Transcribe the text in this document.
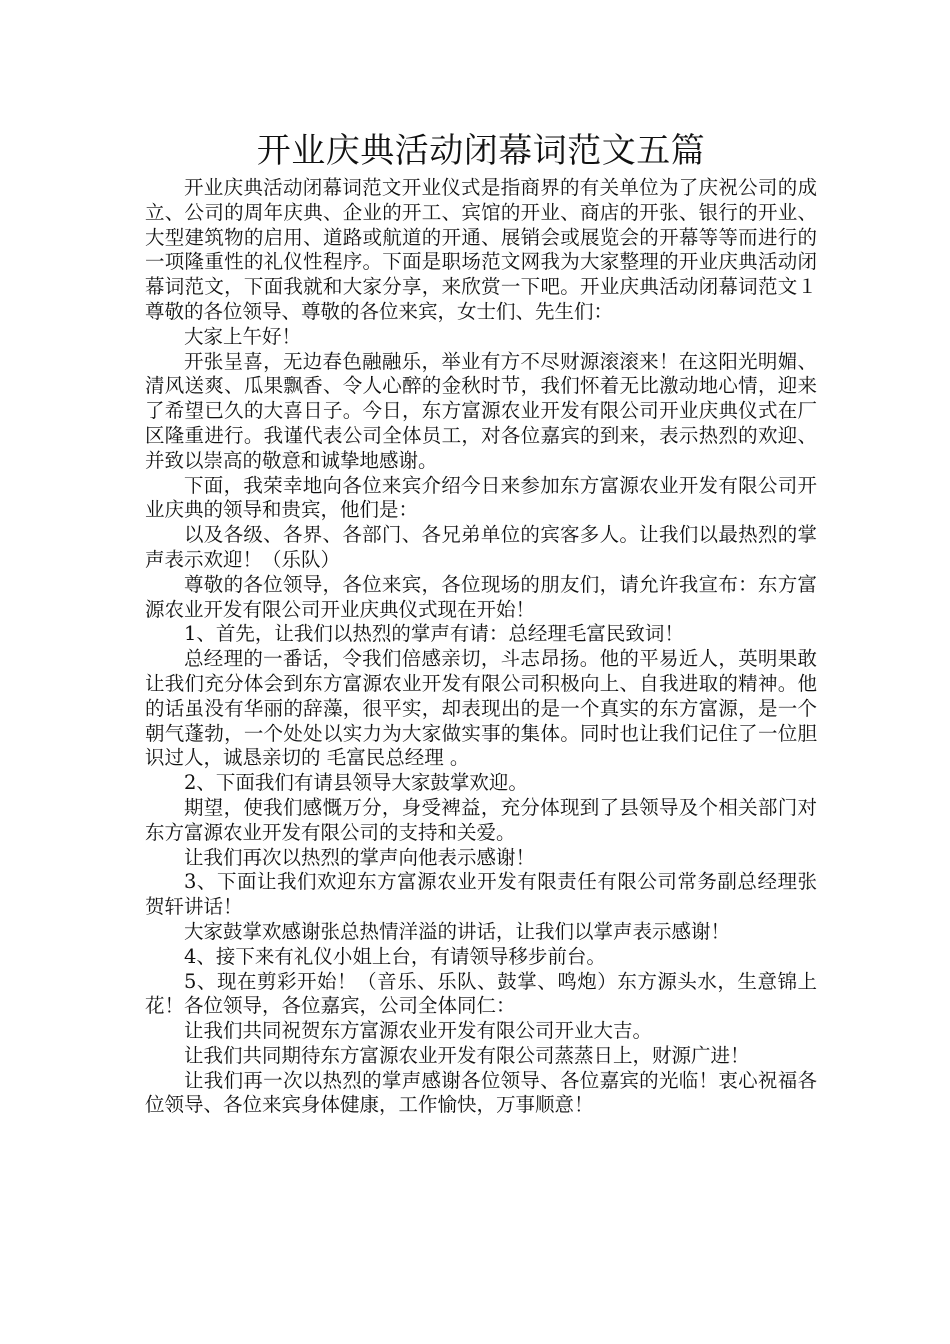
开业庆典活动闭幕词范文五篇

开业庆典活动闭幕词范文开业仪式是指商界的有关单位为了庆祝公司的成立、公司的周年庆典、企业的开工、宾馆的开业、商店的开张、银行的开业、大型建筑物的启用、道路或航道的开通、展销会或展览会的开幕等等而进行的一项隆重性的礼仪性程序。下面是职场范文网我为大家整理的开业庆典活动闭幕词范文，下面我就和大家分享，来欣赏一下吧。开业庆典活动闭幕词范文１尊敬的各位领导、尊敬的各位来宾，女士们、先生们：

大家上午好！

开张呈喜，无边春色融融乐，举业有方不尽财源滚滚来！在这阳光明媚、清风送爽、瓜果飘香、令人心醉的金秋时节，我们怀着无比激动地心情，迎来了希望已久的大喜日子。今日，东方富源农业开发有限公司开业庆典仪式在厂区隆重进行。我谨代表公司全体员工，对各位嘉宾的到来，表示热烈的欢迎、并致以崇高的敬意和诚挚地感谢。

下面，我荣幸地向各位来宾介绍今日来参加东方富源农业开发有限公司开业庆典的领导和贵宾，他们是：

以及各级、各界、各部门、各兄弟单位的宾客多人。让我们以最热烈的掌声表示欢迎！（乐队）

尊敬的各位领导，各位来宾，各位现场的朋友们，请允许我宣布：东方富源农业开发有限公司开业庆典仪式现在开始！

1、首先，让我们以热烈的掌声有请：总经理毛富民致词！

总经理的一番话，令我们倍感亲切，斗志昂扬。他的平易近人，英明果敢让我们充分体会到东方富源农业开发有限公司积极向上、自我进取的精神。他的话虽没有华丽的辞藻，很平实，却表现出的是一个真实的东方富源，是一个朝气蓬勃，一个处处以实力为大家做实事的集体。同时也让我们记住了一位胆识过人，诚恳亲切的 毛富民总经理 。

2、下面我们有请县领导大家鼓掌欢迎。

期望，使我们感慨万分，身受裨益，充分体现到了县领导及个相关部门对东方富源农业开发有限公司的支持和关爱。

让我们再次以热烈的掌声向他表示感谢！

3、下面让我们欢迎东方富源农业开发有限责任有限公司常务副总经理张贺轩讲话！

大家鼓掌欢感谢张总热情洋溢的讲话，让我们以掌声表示感谢！

4、接下来有礼仪小姐上台，有请领导移步前台。

5、现在剪彩开始！（音乐、乐队、鼓掌、鸣炮）东方源头水，生意锦上花！各位领导，各位嘉宾，公司全体同仁：

让我们共同祝贺东方富源农业开发有限公司开业大吉。

让我们共同期待东方富源农业开发有限公司蒸蒸日上，财源广进！

让我们再一次以热烈的掌声感谢各位领导、各位嘉宾的光临！衷心祝福各位领导、各位来宾身体健康，工作愉快，万事顺意！
